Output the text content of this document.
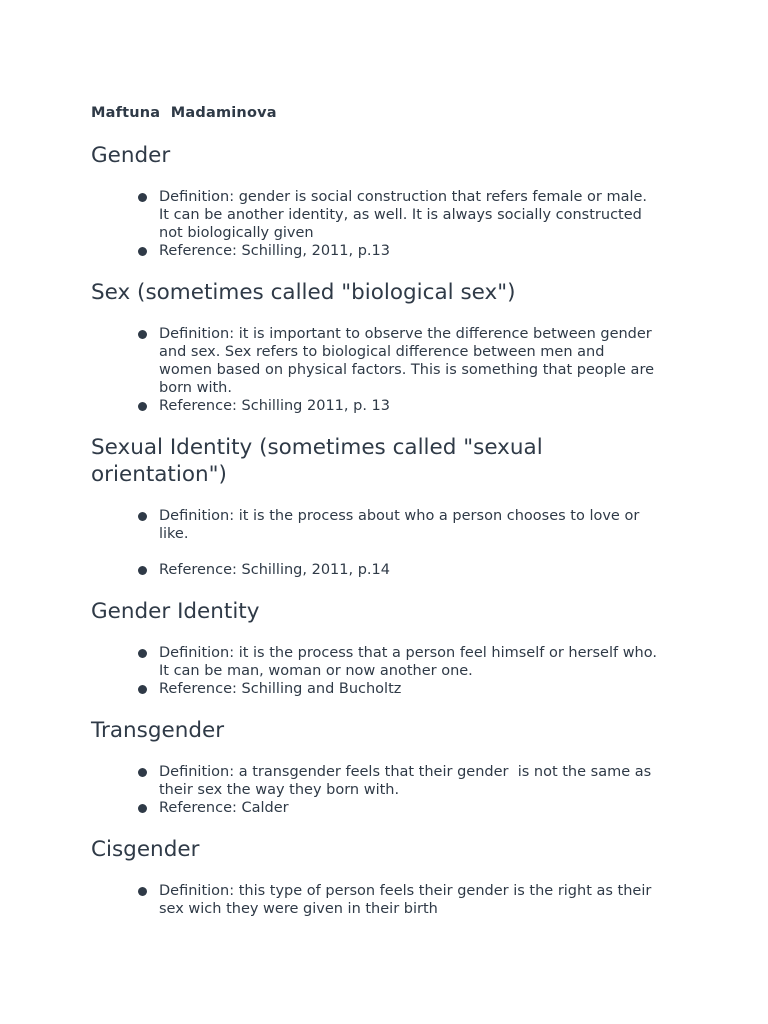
Maftuna  Madaminova

Gender
Definition: gender is social construction that refers female or male.
It can be another identity, as well. It is always socially constructed
not biologically given
Reference: Schilling, 2011, p.13
Sex (sometimes called "biological sex")
Definition: it is important to observe the difference between gender
and sex. Sex refers to biological difference between men and
women based on physical factors. This is something that people are
born with.
Reference: Schilling 2011, p. 13
Sexual Identity (sometimes called "sexual
orientation")
Definition: it is the process about who a person chooses to love or
like.
Reference: Schilling, 2011, p.14
Gender Identity
Definition: it is the process that a person feel himself or herself who.
It can be man, woman or now another one.
Reference: Schilling and Bucholtz
Transgender
Definition: a transgender feels that their gender  is not the same as
their sex the way they born with.
Reference: Calder
Cisgender
Definition: this type of person feels their gender is the right as their
sex wich they were given in their birth
